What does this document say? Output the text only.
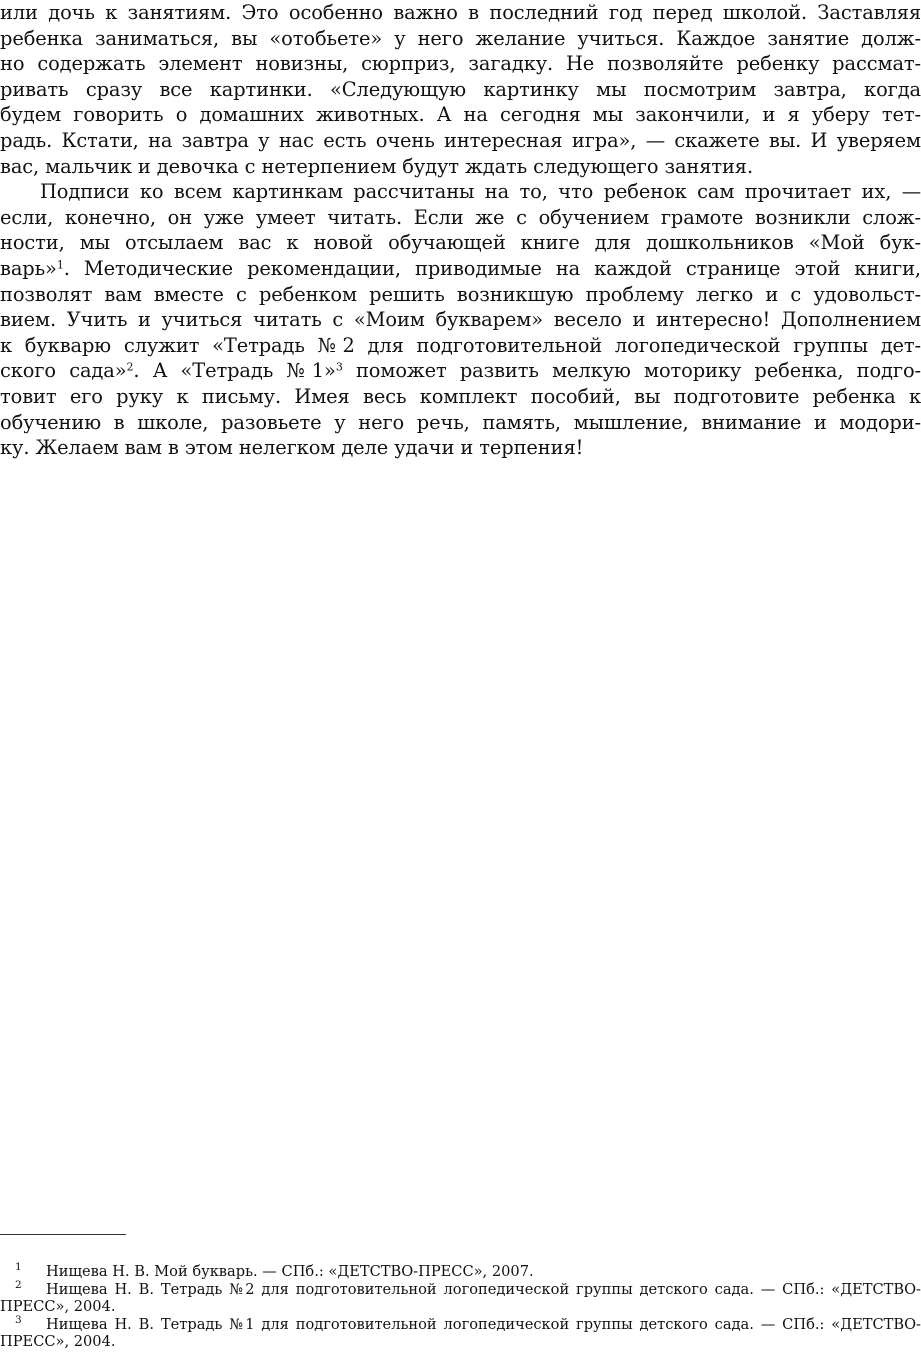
или дочь к занятиям. Это особенно важно в последний год перед школой. Заставляя
ребенка заниматься, вы «отобьете» у него желание учиться. Каждое занятие долж-
но содержать элемент новизны, сюрприз, загадку. Не позволяйте ребенку рассмат-
ривать сразу все картинки. «Следующую картинку мы посмотрим завтра, когда
будем говорить о домашних животных. А на сегодня мы закончили, и я уберу тет-
радь. Кстати, на завтра у нас есть очень интересная игра», — скажете вы. И уверяем
вас, мальчик и девочка с нетерпением будут ждать следующего занятия.

Подписи ко всем картинкам рассчитаны на то, что ребенок сам прочитает их, —
если, конечно, он уже умеет читать. Если же с обучением грамоте возникли слож-
ности, мы отсылаем вас к новой обучающей книге для дошкольников «Мой бук-
варь»$^1$. Методические рекомендации, приводимые на каждой странице этой книги,
позволят вам вместе с ребенком решить возникшую проблему легко и с удовольст-
вием. Учить и учиться читать с «Моим букварем» весело и интересно! Дополнением
к букварю служит «Тетрадь №2 для подготовительной логопедической группы дет-
ского сада»$^2$. А «Тетрадь №1»$^3$ поможет развить мелкую моторику ребенка, подго-
товит его руку к письму. Имея весь комплект пособий, вы подготовите ребенка к
обучению в школе, разовьете у него речь, память, мышление, внимание и модори-
ку. Желаем вам в этом нелегком деле удачи и терпения!

1	Нищева Н. В. Мой букварь. — СПб.: «ДЕТСТВО-ПРЕСС», 2007.
2	Нищева Н. В. Тетрадь №2 для подготовительной логопедической группы детского сада. — СПб.: «ДЕТСТВО-
ПРЕСС», 2004.
3	Нищева Н. В. Тетрадь №1 для подготовительной логопедической группы детского сада. — СПб.: «ДЕТСТВО-
ПРЕСС», 2004.
